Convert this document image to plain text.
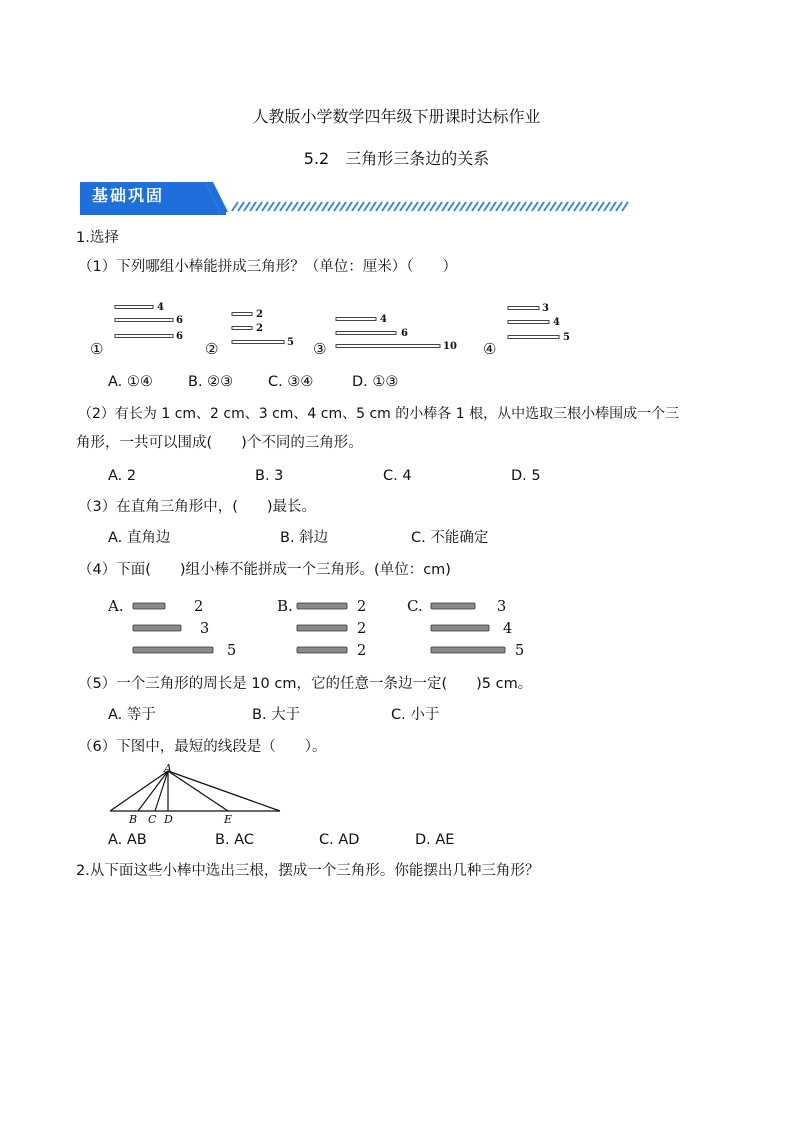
人教版小学数学四年级下册课时达标作业
5.2　三角形三条边的关系
基础巩固
1.选择
（1）下列哪组小棒能拼成三角形？（单位：厘米）（　　）
4
6
6
①
2
2
5
②
4
6
10
③
3
4
5
④
A. ①④ B. ②③ C. ③④	D. ①③
（2）有长为 1 cm、2 cm、3 cm、4 cm、5 cm 的小棒各 1 根，从中选取三根小棒围成一个三
角形，一共可以围成(　　)个不同的三角形。
A. 2	B. 3	C. 4	D. 5
（3）在直角三角形中，(　　)最长。
A. 直角边	B. 斜边	C. 不能确定
（4）下面(　　)组小棒不能拼成一个三角形。(单位：cm)
A.	2
3
5
B.	2
2
2
C.	3
4
5
（5）一个三角形的周长是 10 cm，它的任意一条边一定(　　)5 cm。
A. 等于	B. 大于	C. 小于
（6）下图中，最短的线段是（　　）。
A
B C D	E
A. AB	B. AC	C. AD	D. AE
2.从下面这些小棒中选出三根，摆成一个三角形。你能摆出几种三角形？
